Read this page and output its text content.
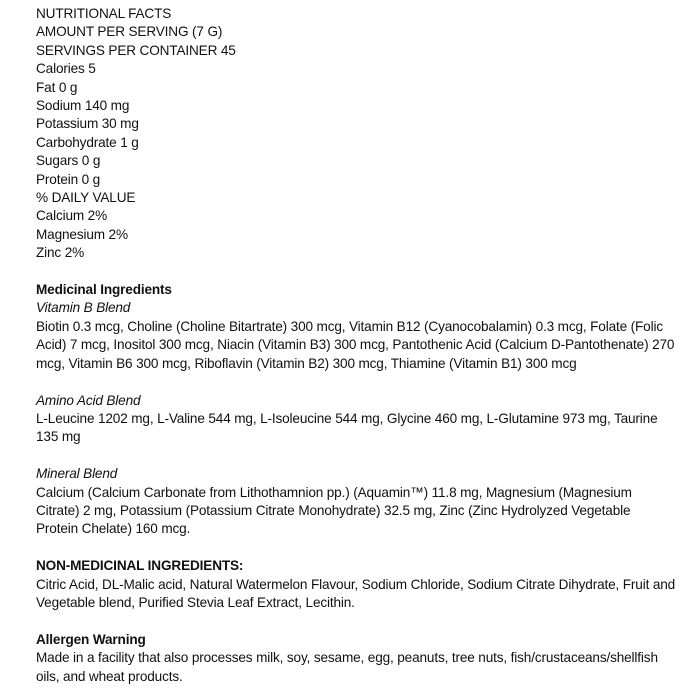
NUTRITIONAL FACTS
AMOUNT PER SERVING (7 G)
SERVINGS PER CONTAINER 45
Calories 5
Fat 0 g
Sodium 140 mg
Potassium 30 mg
Carbohydrate 1 g
Sugars 0 g
Protein 0 g
% DAILY VALUE
Calcium 2%
Magnesium 2%
Zinc 2%
Medicinal Ingredients
Vitamin B Blend
Biotin 0.3 mcg, Choline (Choline Bitartrate) 300 mcg, Vitamin B12 (Cyanocobalamin) 0.3 mcg, Folate (Folic Acid) 7 mcg, Inositol 300 mcg, Niacin (Vitamin B3) 300 mcg, Pantothenic Acid (Calcium D-Pantothenate) 270 mcg, Vitamin B6 300 mcg, Riboflavin (Vitamin B2) 300 mcg, Thiamine (Vitamin B1) 300 mcg
Amino Acid Blend
L-Leucine 1202 mg, L-Valine 544 mg, L-Isoleucine 544 mg, Glycine 460 mg, L-Glutamine 973 mg, Taurine 135 mg
Mineral Blend
Calcium (Calcium Carbonate from Lithothamnion pp.) (Aquamin™) 11.8 mg, Magnesium (Magnesium Citrate) 2 mg, Potassium (Potassium Citrate Monohydrate) 32.5 mg, Zinc (Zinc Hydrolyzed Vegetable Protein Chelate) 160 mcg.
NON-MEDICINAL INGREDIENTS:
Citric Acid, DL-Malic acid, Natural Watermelon Flavour, Sodium Chloride, Sodium Citrate Dihydrate, Fruit and Vegetable blend, Purified Stevia Leaf Extract, Lecithin.
Allergen Warning
Made in a facility that also processes milk, soy, sesame, egg, peanuts, tree nuts, fish/crustaceans/shellfish oils, and wheat products.
